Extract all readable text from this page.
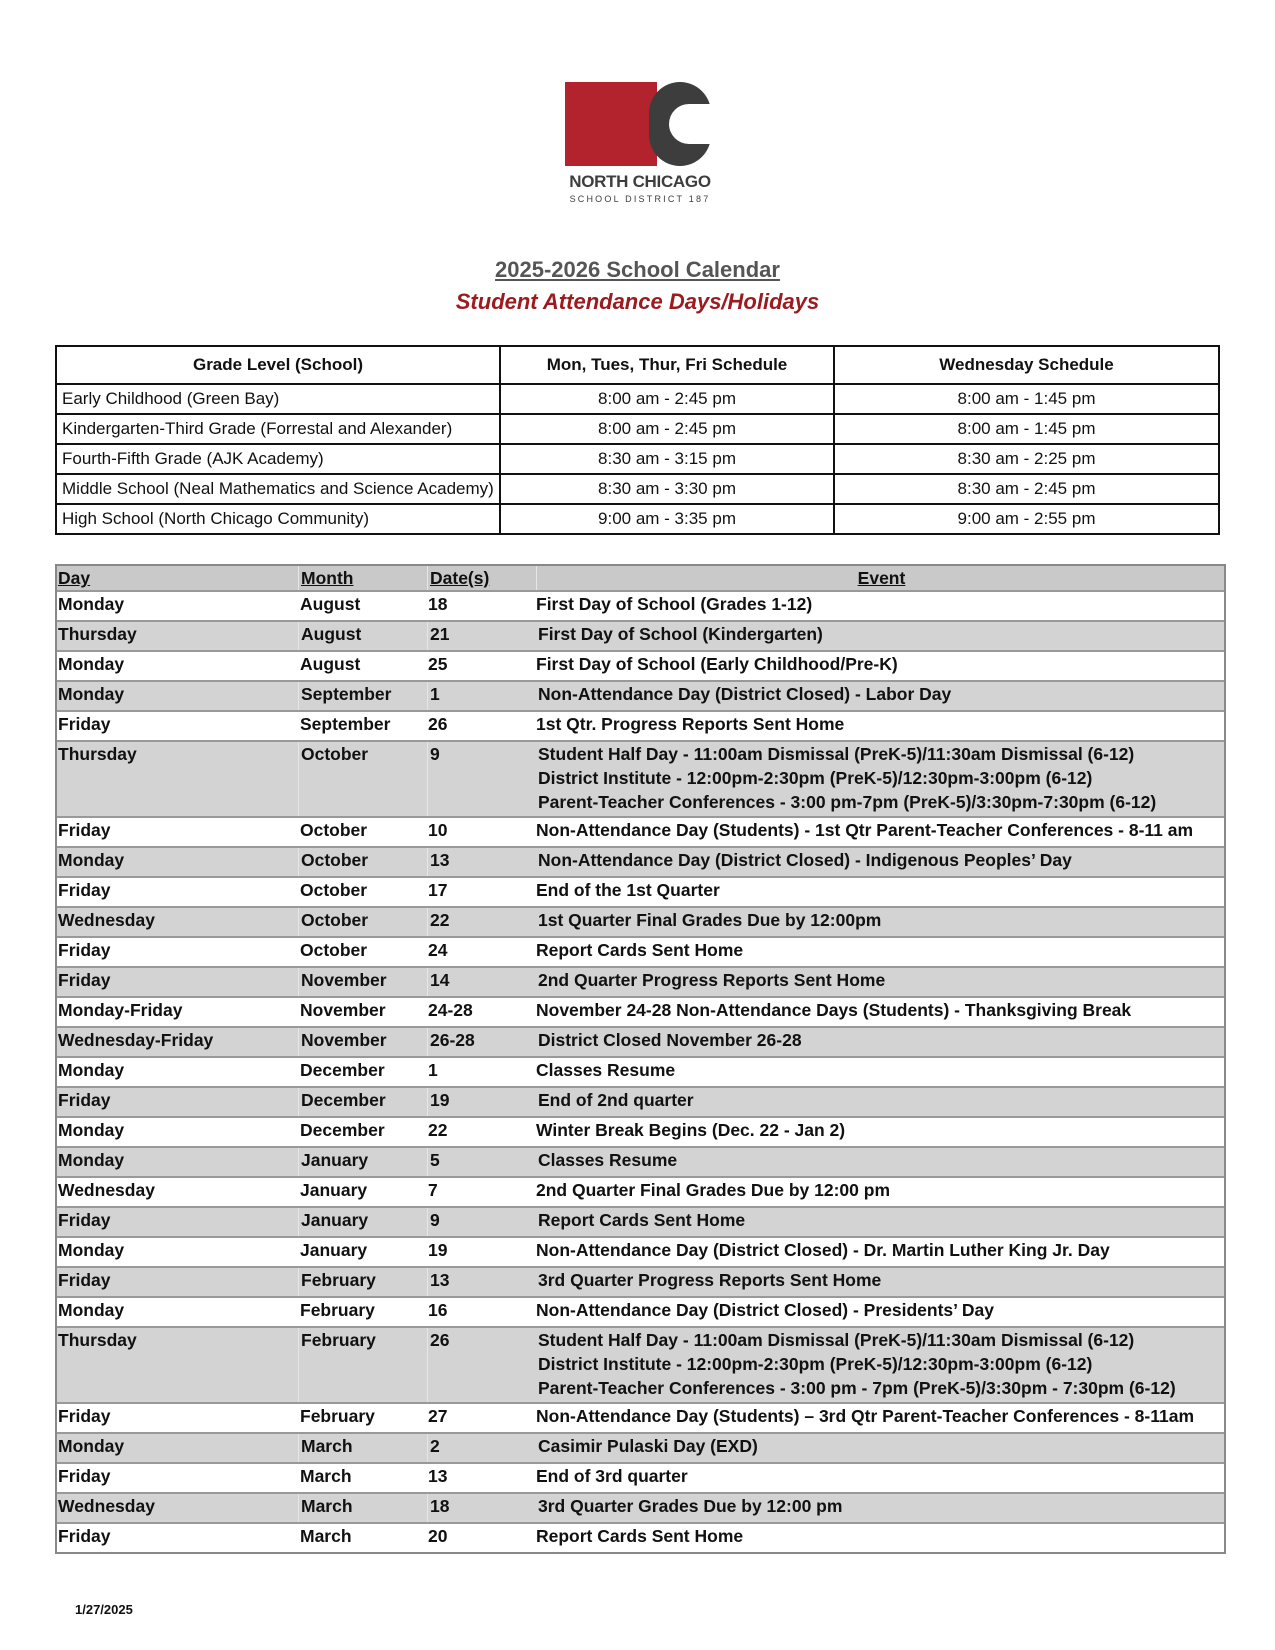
NORTH CHICAGO
SCHOOL DISTRICT 187
2025-2026 School Calendar
Student Attendance Days/Holidays
Grade Level (School)	Mon, Tues, Thur, Fri Schedule	Wednesday Schedule
Early Childhood (Green Bay)	8:00 am - 2:45 pm	8:00 am - 1:45 pm
Kindergarten-Third Grade (Forrestal and Alexander)	8:00 am - 2:45 pm	8:00 am - 1:45 pm
Fourth-Fifth Grade (AJK Academy)	8:30 am - 3:15 pm	8:30 am - 2:25 pm
Middle School (Neal Mathematics and Science Academy)	8:30 am - 3:30 pm	8:30 am - 2:45 pm
High School (North Chicago Community)	9:00 am - 3:35 pm	9:00 am - 2:55 pm
Day	Month	Date(s)	Event
Monday	August	18	First Day of School (Grades 1-12)
Thursday	August	21	First Day of School (Kindergarten)
Monday	August	25	First Day of School (Early Childhood/Pre-K)
Monday	September	1	Non-Attendance Day (District Closed) - Labor Day
Friday	September	26	1st Qtr. Progress Reports Sent Home
Thursday	October	9	Student Half Day - 11:00am Dismissal (PreK-5)/11:30am Dismissal (6-12)
District Institute - 12:00pm-2:30pm (PreK-5)/12:30pm-3:00pm (6-12)
Parent-Teacher Conferences - 3:00 pm-7pm (PreK-5)/3:30pm-7:30pm (6-12)
Friday	October	10	Non-Attendance Day (Students) - 1st Qtr Parent-Teacher Conferences - 8-11 am
Monday	October	13	Non-Attendance Day (District Closed) - Indigenous Peoples’ Day
Friday	October	17	End of the 1st Quarter
Wednesday	October	22	1st Quarter Final Grades Due by 12:00pm
Friday	October	24	Report Cards Sent Home
Friday	November	14	2nd Quarter Progress Reports Sent Home
Monday-Friday	November	24-28	November 24-28 Non-Attendance Days (Students) - Thanksgiving Break
Wednesday-Friday	November	26-28	District Closed November 26-28
Monday	December	1	Classes Resume
Friday	December	19	End of 2nd quarter
Monday	December	22	Winter Break Begins (Dec. 22 - Jan 2)
Monday	January	5	Classes Resume
Wednesday	January	7	2nd Quarter Final Grades Due by 12:00 pm
Friday	January	9	Report Cards Sent Home
Monday	January	19	Non-Attendance Day (District Closed) - Dr. Martin Luther King Jr. Day
Friday	February	13	3rd Quarter Progress Reports Sent Home
Monday	February	16	Non-Attendance Day (District Closed) - Presidents’ Day
Thursday	February	26	Student Half Day - 11:00am Dismissal (PreK-5)/11:30am Dismissal (6-12)
District Institute - 12:00pm-2:30pm (PreK-5)/12:30pm-3:00pm (6-12)
Parent-Teacher Conferences - 3:00 pm - 7pm (PreK-5)/3:30pm - 7:30pm (6-12)
Friday	February	27	Non-Attendance Day (Students) – 3rd Qtr Parent-Teacher Conferences - 8-11am
Monday	March	2	Casimir Pulaski Day (EXD)
Friday	March	13	End of 3rd quarter
Wednesday	March	18	3rd Quarter Grades Due by 12:00 pm
Friday	March	20	Report Cards Sent Home
1/27/2025
